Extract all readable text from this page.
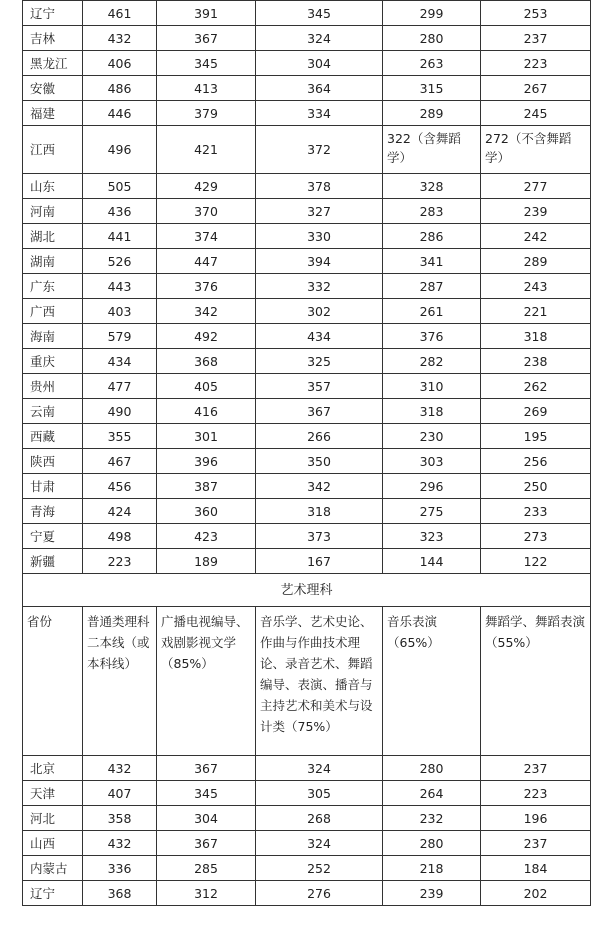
辽宁	461	391	345	299	253
吉林	432	367	324	280	237
黑龙江	406	345	304	263	223
安徽	486	413	364	315	267
福建	446	379	334	289	245
江西	496	421	372	322（含舞蹈学）	272（不含舞蹈学）
山东	505	429	378	328	277
河南	436	370	327	283	239
湖北	441	374	330	286	242
湖南	526	447	394	341	289
广东	443	376	332	287	243
广西	403	342	302	261	221
海南	579	492	434	376	318
重庆	434	368	325	282	238
贵州	477	405	357	310	262
云南	490	416	367	318	269
西藏	355	301	266	230	195
陕西	467	396	350	303	256
甘肃	456	387	342	296	250
青海	424	360	318	275	233
宁夏	498	423	373	323	273
新疆	223	189	167	144	122
艺术理科					
省份	普通类理科二本线（或本科线）	广播电视编导、戏剧影视文学（85%）	音乐学、艺术史论、作曲与作曲技术理论、录音艺术、舞蹈编导、表演、播音与主持艺术和美术与设计类（75%）	音乐表演（65%）	舞蹈学、舞蹈表演（55%）
北京	432	367	324	280	237
天津	407	345	305	264	223
河北	358	304	268	232	196
山西	432	367	324	280	237
内蒙古	336	285	252	218	184
辽宁	368	312	276	239	202
